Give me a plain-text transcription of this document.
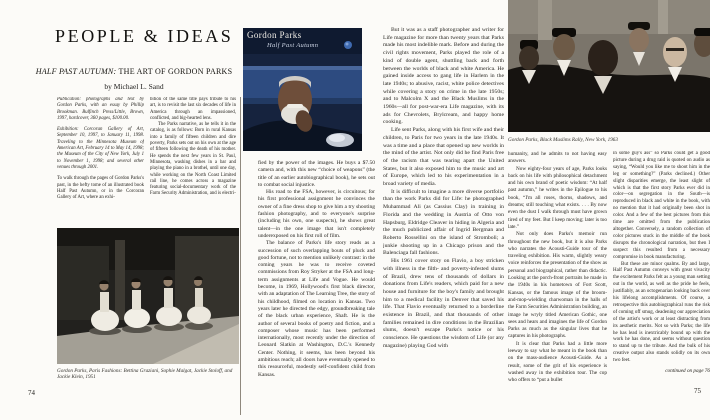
PEOPLE & IDEAS
HALF PAST AUTUMN: THE ART OF GORDON PARKS
by Michael L. Sand

Publication: photographs and text by Gordon Parks, with an essay by Phillip Brookman. Bulfinch Press/Little, Brown, 1997, hardcover, 360 pages, $100.00.

Exhibition: Corcoran Gallery of Art, September 10, 1997, to January 11, 1998. Traveling to the Minnesota Museum of American Art, February 14 to May 14, 1998; the Museum of the City of New York, July 1 to November 1, 1998; and several other venues through 2001.

To walk through the pages of Gordon Parks's past, in the hefty tome of an illustrated book Half Past Autumn, or in the Corcoran Gallery of Art, where an exhi-

bition of the same title pays tribute to his art, is to revisit the last six decades of life in America through an impassioned, conflicted, and big-hearted lens.

The Parks narrative, as he tells it in the catalog, is as follows: Born in rural Kansas into a family of fifteen children and dire poverty, Parks sets out on his own at the age of fifteen following the death of his mother. He spends the next few years in St. Paul, Minnesota, washing dishes in a bar and playing the piano in a brothel, until one day, while working on the North Coast Limited rail line, he comes across a magazine featuring social-documentary work of the Farm Security Administration, and is electri-

Gordon Parks
Half Past Autumn

fied by the power of the images. He buys a $7.50 camera and, with this new “choice of weapons” (the title of an earlier autobiographical book), he sets out to combat social injustice.

His road to the FSA, however, is circuitous; for his first professional assignment he convinces the owner of a fine dress shop to give him a try shooting fashion photography, and to everyone's surprise (including his own, one suspects), he shows great talent—in the one image that isn't completely underexposed on his first roll of film.

The balance of Parks's life story reads as a succession of such overlapping bouts of pluck and good fortune, not to mention unlikely contrast: in the coming years he was to receive coveted commissions from Roy Stryker at the FSA and long-term assignments at Life and Vogue. He would become, in 1969, Hollywood's first black director, with an adaptation of The Learning Tree, the story of his childhood, filmed on location in Kansas. Two years later he directed the edgy, groundbreaking tale of the black urban experience, Shaft. He is the author of several books of poetry and fiction, and a composer whose music has been performed internationally, most recently under the direction of Leonard Slatkin at Washington, D.C.'s Kennedy Center. Nothing, it seems, has been beyond his ambitious reach; all doors have eventually opened to this resourceful, modestly self-confident child from Kansas.

Gordon Parks, Paris Fashions: Bettina Graziani, Sophie Malgat, Jackie Stoloff, and Jackie Klein, 1951
74

But it was as a staff photographer and writer for Life magazine for more than twenty years that Parks made his most indelible mark. Before and during the civil rights movement, Parks played the role of a kind of double agent, shuttling back and forth between the worlds of black and white America. He gained inside access to gang life in Harlem in the late 1940s; to abusive, racist, white police detectives while covering a story on crime in the late 1950s; and to Malcolm X and the Black Muslims in the 1960s—all for post-war-era Life magazine, with its ads for Chevrolets, Brylcream, and happy home cooking.

Life sent Parks, along with his first wife and their children, to Paris for two years in the late 1940s. It was a time and a place that opened up new worlds in the mind of the artist. Not only did he find Paris free of the racism that was tearing apart the United States, but it also exposed him to the music and art of Europe, which led to his experimentation in a broad variety of media.

It is difficult to imagine a more diverse portfolio than the work Parks did for Life: he photographed Muhammad Ali (as Cassius Clay) in training in Florida and the wedding in Austria of Otto von Hapsburg, Eldridge Cleaver in hiding in Algeria and the much publicized affair of Ingrid Bergman and Roberto Rossellini on the island of Stromboli; a junkie shooting up in a Chicago prison and the Balenciaga fall fashions.

His 1961 cover story on Flavio, a boy stricken with illness in the filth- and poverty-infested slums of Brazil, drew tens of thousands of dollars in donations from Life's readers, which paid for a new house and furniture for the boy's family and brought him to a medical facility in Denver that saved his life. That Flavio eventually returned to a borderline existence in Brazil, and that thousands of other families remained in dire conditions in the Brazilian slums, doesn't escape Parks's notice or his conscience. He questions the wisdom of Life (or any magazine) playing God with

Gordon Parks, Black Muslims Rally, New York, 1963

humanity, and he admits to not having easy answers.

Now eighty-four years of age, Parks looks back on his life with philosophical detachment and his own brand of poetic wisdom: “At half past autumn,” he writes in the Epilogue to his book, “I'm all roses, thorns, shadows, and dreams; still touching what exists. . . . By now even the dust I walk through must have grown tired of my feet. But I keep moving; later is too late.”

Not only does Parks's memoir run throughout the new book, but it is also Parks who narrates the Acousti-Guide tour of the traveling exhibition. His warm, slightly weary voice reinforces the presentation of the show as personal and biographical, rather than didactic. Looking at the porch-front portraits he made in the 1940s in his hometown of Fort Scott, Kansas, or the famous image of the broom-and-mop-wielding charwoman in the halls of the Farm Securities Administration building, an image he wryly titled American Gothic, one sees and hears and imagines the life of Gordon Parks as much as the singular lives that he captures in his photographs.

It is clear that Parks had a little more leeway to say what he meant in the book than on the mass-audience Acousti-Guide. As a result, some of the grit of his experience is washed away in the exhibition tour. The cop who offers to “put a bullet

in some guy's ass” so Parks could get a good picture during a drug raid is quoted on audio as saying, “Would you like me to shoot him in the leg or something?” (Parks declined.) Other slight disparities emerge, the least slight of which is that the first story Parks ever did in color—on segregation in the South—is reproduced in black and white in the book, with no mention that it had originally been shot in color. And a few of the best pictures from this time are omitted from the publication altogether. Conversely, a random collection of color pictures stuck in the middle of the book disrupts the chronological narration, but then I suspect this resulted from a necessary compromise in book manufacturing.

But these are minor qualms. By and large, Half Past Autumn conveys with great vivacity the excitement Parks felt as a young man setting out in the world, as well as the pride he feels, justifiably, as an octogenarian looking back over his lifelong accomplishments. Of course, a retrospective this autobiographical runs the risk of coming off smug, deadening our appreciation of the artist's work or at least distracting from its aesthetic merits. Not so with Parks; the life he has lead is inextricably bound up with the work he has done, and seems without question to stand up to the tribute. And the bulk of his creative output also stands solidly on its own two feet.

continued on page 76
75
